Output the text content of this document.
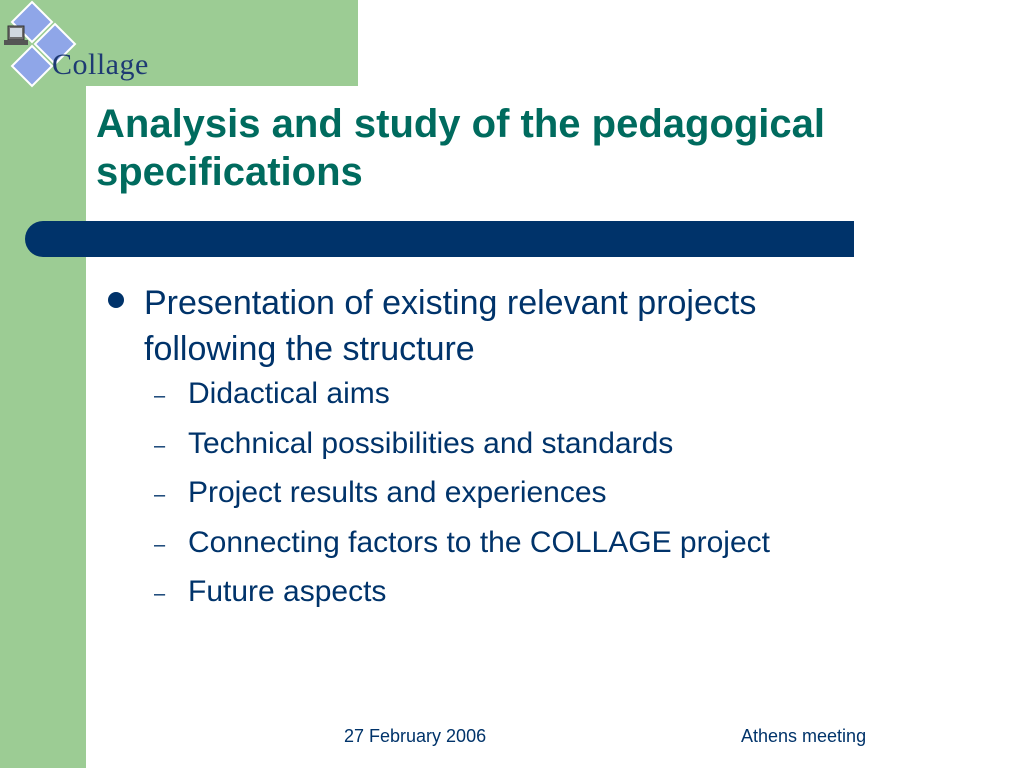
Collage
Analysis and study of the pedagogical specifications
Presentation of existing relevant projects following the structure
– Didactical aims
– Technical possibilities and standards
– Project results and experiences
– Connecting factors to the COLLAGE project
– Future aspects
27 February 2006	Athens meeting
